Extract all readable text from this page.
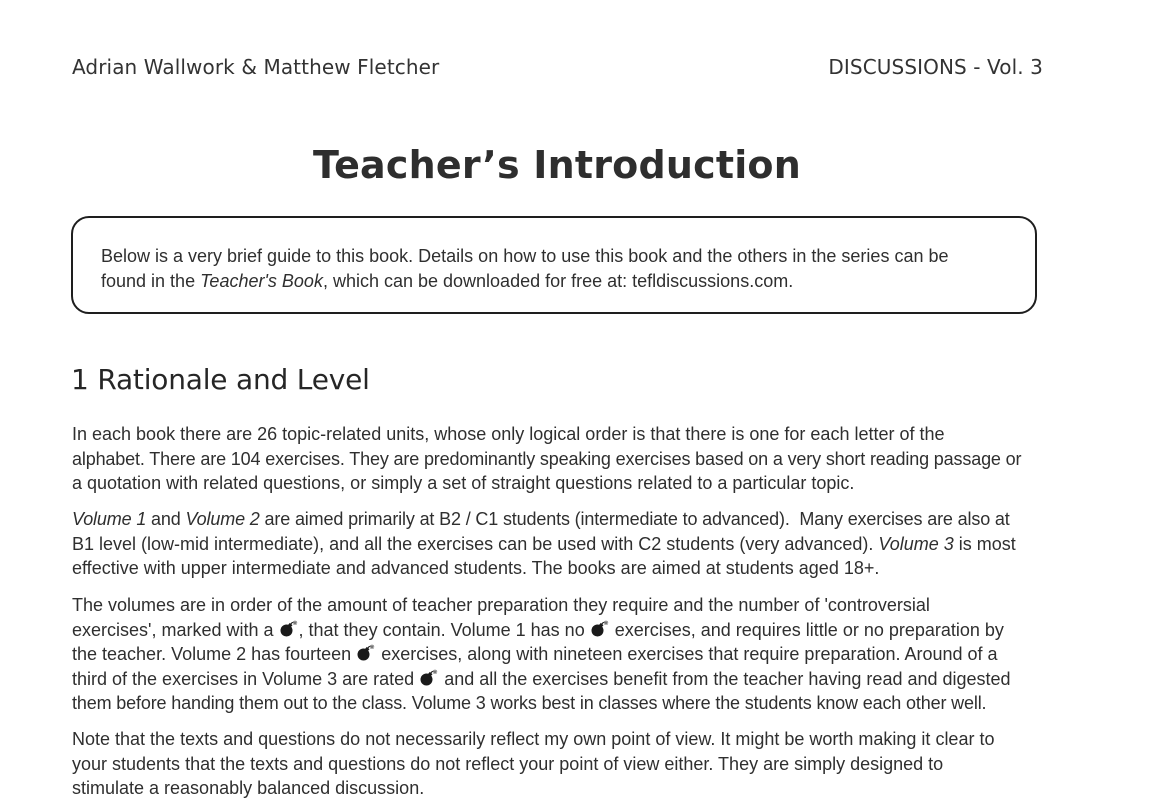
Adrian Wallwork & Matthew Fletcher	DISCUSSIONS - Vol. 3
Teacher’s Introduction
Below is a very brief guide to this book. Details on how to use this book and the others in the series can be
found in the Teacher's Book, which can be downloaded for free at: tefldiscussions.com.
1 Rationale and Level
In each book there are 26 topic-related units, whose only logical order is that there is one for each letter of the
alphabet. There are 104 exercises. They are predominantly speaking exercises based on a very short reading passage or
a quotation with related questions, or simply a set of straight questions related to a particular topic.
Volume 1 and Volume 2 are aimed primarily at B2 / C1 students (intermediate to advanced).  Many exercises are also at
B1 level (low-mid intermediate), and all the exercises can be used with C2 students (very advanced). Volume 3 is most
effective with upper intermediate and advanced students. The books are aimed at students aged 18+.
The volumes are in order of the amount of teacher preparation they require and the number of 'controversial
exercises', marked with a , that they contain. Volume 1 has no  exercises, and requires little or no preparation by
the teacher. Volume 2 has fourteen  exercises, along with nineteen exercises that require preparation. Around of a
third of the exercises in Volume 3 are rated  and all the exercises benefit from the teacher having read and digested
them before handing them out to the class. Volume 3 works best in classes where the students know each other well.
Note that the texts and questions do not necessarily reflect my own point of view. It might be worth making it clear to
your students that the texts and questions do not reflect your point of view either. They are simply designed to
stimulate a reasonably balanced discussion.
